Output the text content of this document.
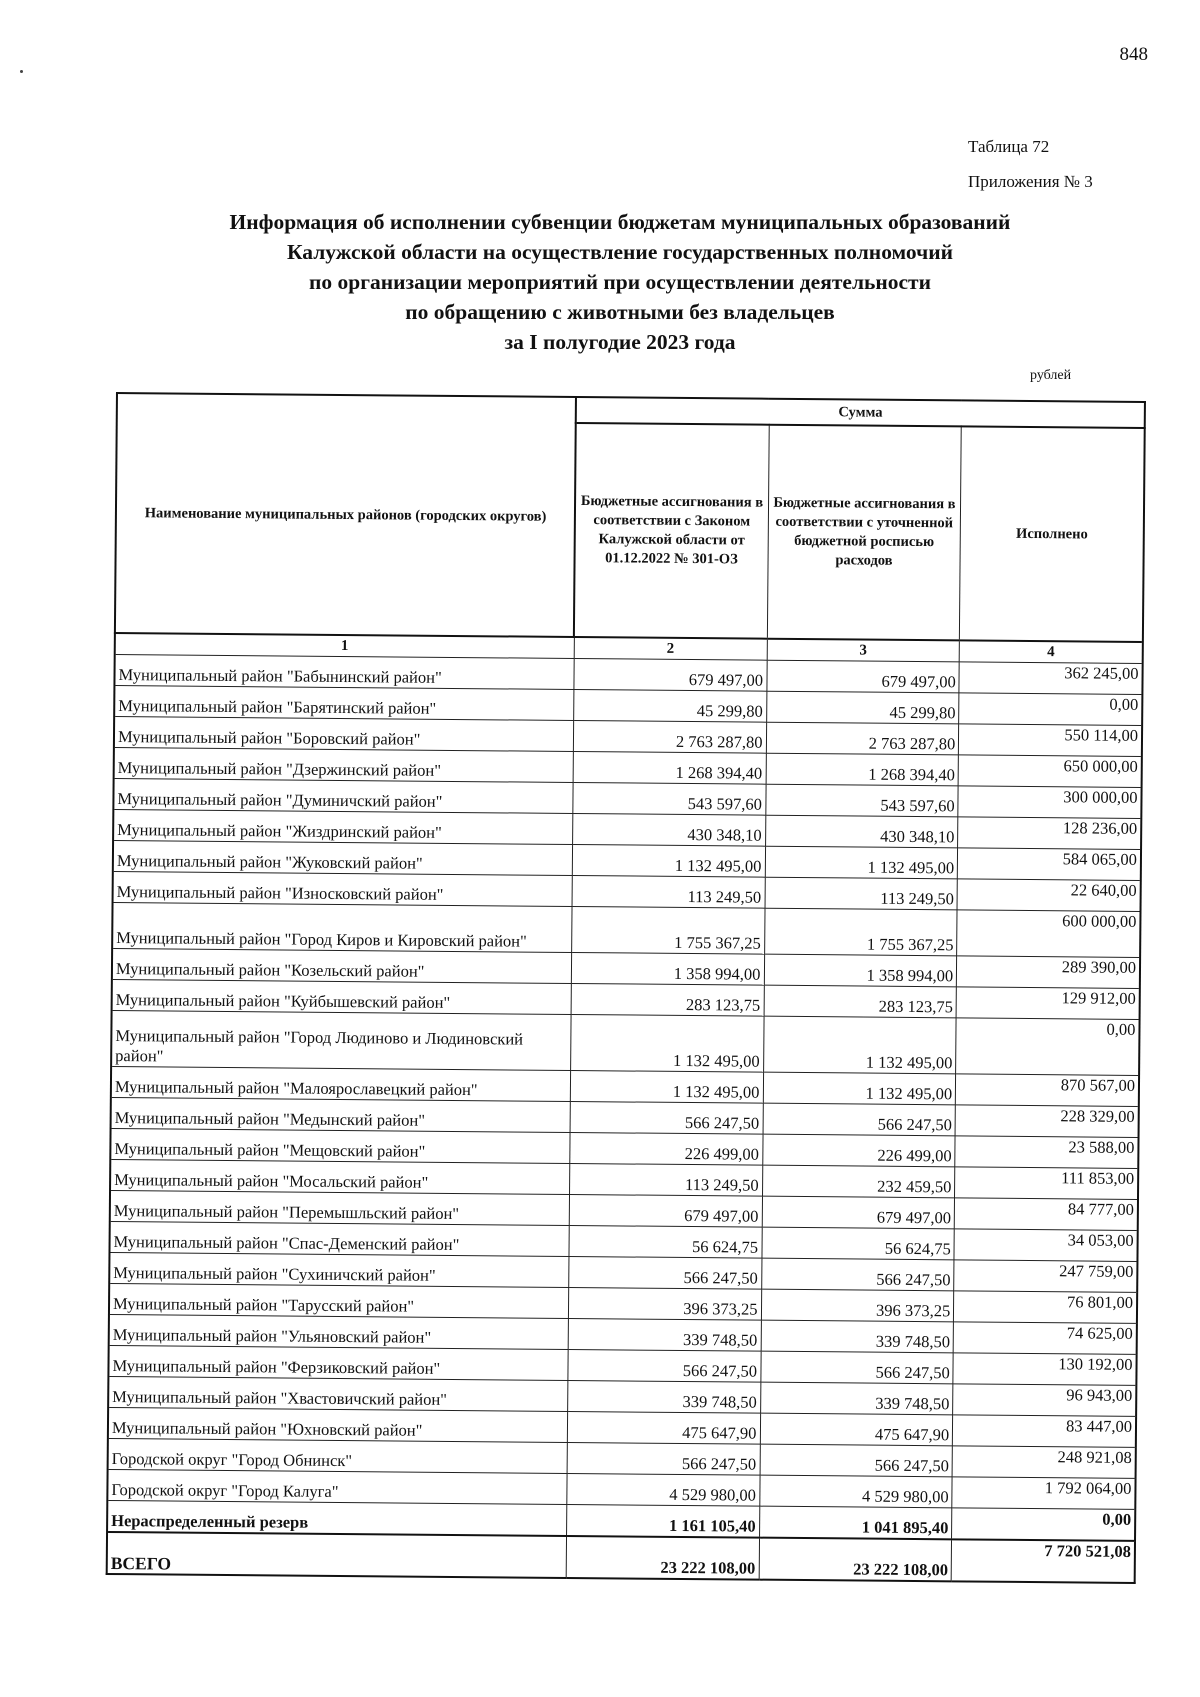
848
Таблица 72
Приложения № 3
Информация об исполнении субвенции бюджетам муниципальных образований
Калужской области на осуществление государственных полномочий
по организации мероприятий при осуществлении деятельности
по обращению с животными без владельцев
за I полугодие 2023 года
рублей
Наименование муниципальных районов (городских округов)	Сумма		
	Бюджетные ассигнования в соответствии с Законом Калужской области от 01.12.2022 № 301-ОЗ	Бюджетные ассигнования в соответствии с уточненной бюджетной росписью расходов	Исполнено
1	2	3	4
Муниципальный район "Бабынинский район"	679 497,00	679 497,00	362 245,00
Муниципальный район "Барятинский район"	45 299,80	45 299,80	0,00
Муниципальный район "Боровский район"	2 763 287,80	2 763 287,80	550 114,00
Муниципальный район "Дзержинский район"	1 268 394,40	1 268 394,40	650 000,00
Муниципальный район "Думиничский район"	543 597,60	543 597,60	300 000,00
Муниципальный район "Жиздринский район"	430 348,10	430 348,10	128 236,00
Муниципальный район "Жуковский район"	1 132 495,00	1 132 495,00	584 065,00
Муниципальный район "Износковский район"	113 249,50	113 249,50	22 640,00
Муниципальный район "Город Киров и Кировский район"	1 755 367,25	1 755 367,25	600 000,00
Муниципальный район "Козельский район"	1 358 994,00	1 358 994,00	289 390,00
Муниципальный район "Куйбышевский район"	283 123,75	283 123,75	129 912,00
Муниципальный район "Город Людиново и Людиновский район"	1 132 495,00	1 132 495,00	0,00
Муниципальный район "Малоярославецкий район"	1 132 495,00	1 132 495,00	870 567,00
Муниципальный район "Медынский район"	566 247,50	566 247,50	228 329,00
Муниципальный район "Мещовский район"	226 499,00	226 499,00	23 588,00
Муниципальный район "Мосальский район"	113 249,50	232 459,50	111 853,00
Муниципальный район "Перемышльский район"	679 497,00	679 497,00	84 777,00
Муниципальный район "Спас-Деменский район"	56 624,75	56 624,75	34 053,00
Муниципальный район "Сухиничский район"	566 247,50	566 247,50	247 759,00
Муниципальный район "Тарусский район"	396 373,25	396 373,25	76 801,00
Муниципальный район "Ульяновский район"	339 748,50	339 748,50	74 625,00
Муниципальный район "Ферзиковский район"	566 247,50	566 247,50	130 192,00
Муниципальный район "Хвастовичский район"	339 748,50	339 748,50	96 943,00
Муниципальный район "Юхновский район"	475 647,90	475 647,90	83 447,00
Городской округ "Город Обнинск"	566 247,50	566 247,50	248 921,08
Городской округ "Город Калуга"	4 529 980,00	4 529 980,00	1 792 064,00
Нераспределенный резерв	1 161 105,40	1 041 895,40	0,00
ВСЕГО	23 222 108,00	23 222 108,00	7 720 521,08
